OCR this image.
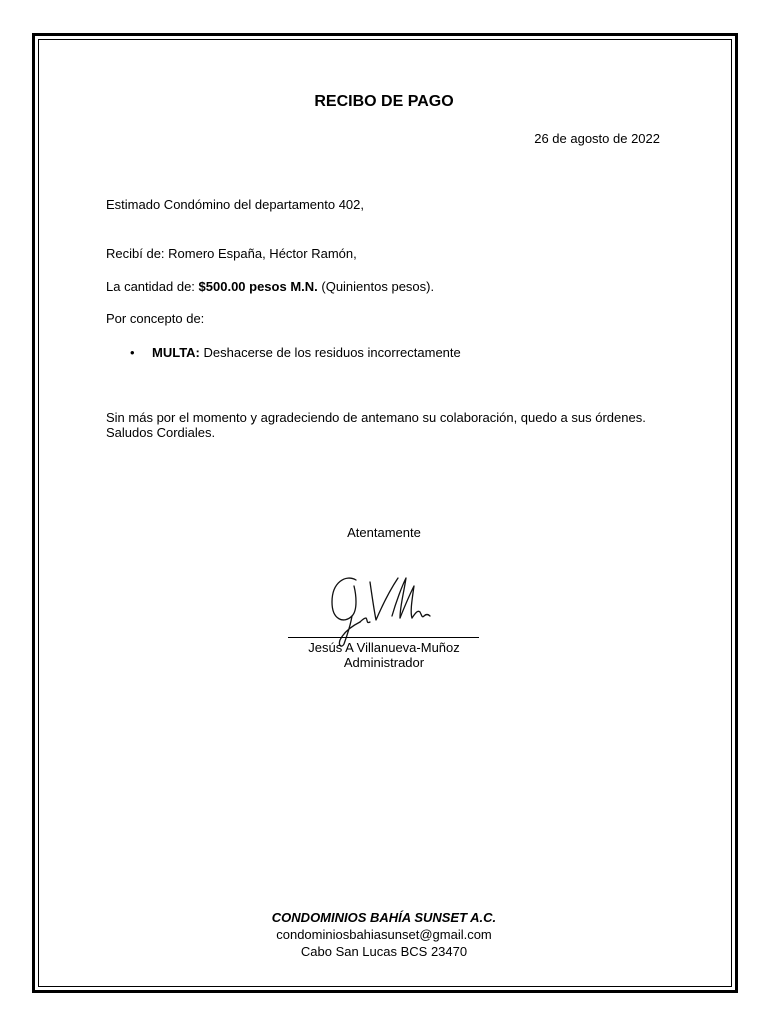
RECIBO DE PAGO

26 de agosto de 2022

Estimado Condómino del departamento 402,

Recibí de: Romero España, Héctor Ramón,

La cantidad de: $500.00 pesos M.N. (Quinientos pesos).

Por concepto de:

• MULTA: Deshacerse de los residuos incorrectamente

Sin más por el momento y agradeciendo de antemano su colaboración, quedo a sus órdenes. Saludos Cordiales.

Atentamente

Jesús A Villanueva-Muñoz

Administrador

CONDOMINIOS BAHÍA SUNSET A.C.

condominiosbahiasunset@gmail.com

Cabo San Lucas BCS 23470
